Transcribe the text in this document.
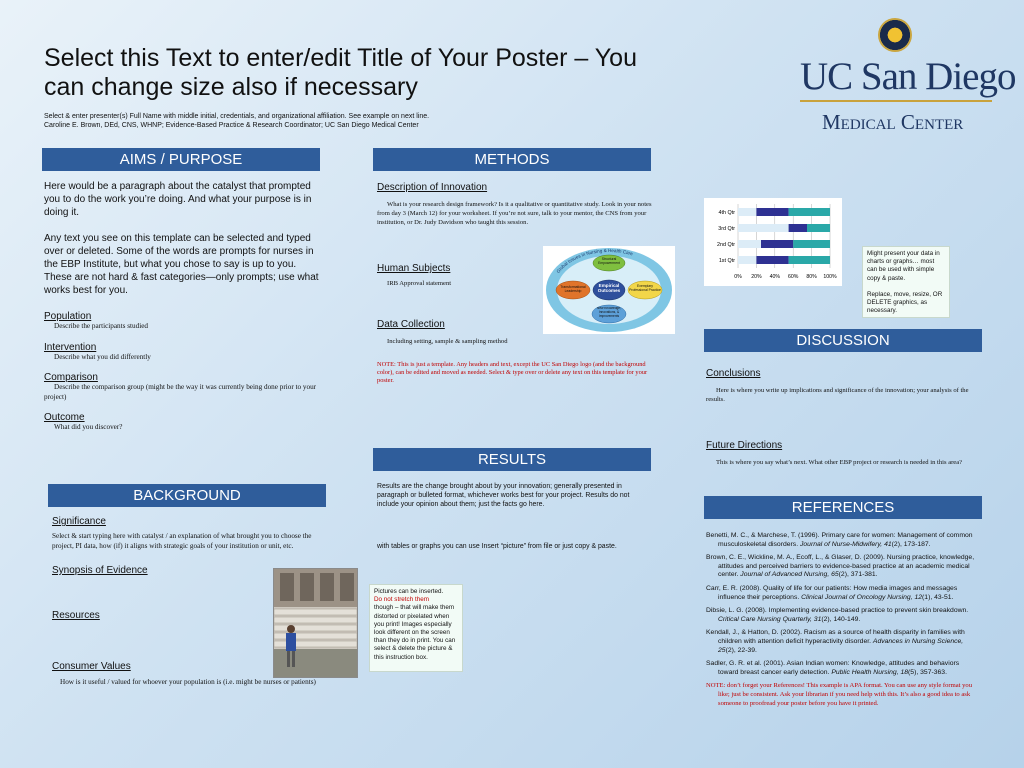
Select this Text to enter/edit Title of Your Poster – You can change size also if necessary
Select & enter presenter(s) Full Name with middle initial, credentials, and organizational affiliation. See example on next line.
Caroline E. Brown, DEd, CNS, WHNP; Evidence-Based Practice & Research Coordinator; UC San Diego Medical Center
UC San Diego
Medical Center
AIMS / PURPOSE
Here would be a paragraph about the catalyst that prompted you to do the work you’re doing. And what your purpose is in doing it.
Any text you see on this template can be selected and typed over or deleted. Some of the words are prompts for nurses in the EBP Institute, but what you chose to say is up to you. These are not hard & fast categories—only prompts; use what works best for you.
Population
Describe the participants studied
Intervention
Describe what you did differently
Comparison
Describe the comparison group (might be the way it was currently being done prior to your project)
Outcome
What did you discover?
BACKGROUND
Significance
Select & start typing here with catalyst / an explanation of what brought you to choose the project, PI data, how (if) it aligns with strategic goals of your institution or unit, etc.
Synopsis of Evidence
Resources
Consumer Values
How is it useful / valued for whoever your population is (i.e. might be nurses or patients)
METHODS
Description of Innovation
What is your research design framework? Is it a qualitative or quantitative study. Look in your notes from day 3 (March 12) for your worksheet. If you’re not sure, talk to your mentor, the CNS from your institution, or Dr. Judy Davidson who taught this session.
Human Subjects
IRB Approval statement
Data Collection
Including setting, sample & sampling method
NOTE: This is just a template. Any headers and text, except the UC San Diego logo (and the background color), can be edited and moved as needed. Select & type over or delete any text on this template for your poster.
Global Issues in Nursing & Health Care
Structural Empowerment
Transformational Leadership
Exemplary Professional Practice
New Knowledge, Innovations, & Improvements
Empirical Outcomes
RESULTS
Results are the change brought about by your innovation; generally presented in paragraph or bulleted format, whichever works best for your project. Results do not include your opinion about them; just the facts go here.
with tables or graphs you can use Insert “picture” from file or just copy & paste.
Pictures can be inserted.
Do not stretch them
though – that will make them distorted or pixelated when you print! Images especially look different on the screen than they do in print. You can select & delete the picture & this instruction box.
0% 20% 40% 60% 80% 100%
1st Qtr
2nd Qtr
3rd Qtr
4th Qtr
Might present your data in charts or graphs… most can be used with simple copy & paste.

Replace, move, resize, OR DELETE graphics, as necessary.
DISCUSSION
Conclusions
Here is where you write up implications and significance of the innovation; your analysis of the results.
Future Directions
This is where you say what’s next. What other EBP project or research is needed in this area?
REFERENCES
Benetti, M. C., & Marchese, T. (1996). Primary care for women: Management of common musculoskeletal disorders. Journal of Nurse-Midwifery, 41(2), 173-187.
Brown, C. E., Wickline, M. A., Ecoff, L., & Glaser, D. (2009). Nursing practice, knowledge, attitudes and perceived barriers to evidence-based practice at an academic medical center. Journal of Advanced Nursing, 65(2), 371-381.
Carr, E. R. (2008). Quality of life for our patients: How media images and messages influence their perceptions. Clinical Journal of Oncology Nursing, 12(1), 43-51.
Dibsie, L. G. (2008). Implementing evidence-based practice to prevent skin breakdown. Critical Care Nursing Quarterly, 31(2), 140-149.
Kendall, J., & Hatton, D. (2002). Racism as a source of health disparity in families with children with attention deficit hyperactivity disorder. Advances in Nursing Science, 25(2), 22-39.
Sadler, G. R. et al. (2001). Asian Indian women: Knowledge, attitudes and behaviors toward breast cancer early detection. Public Health Nursing, 18(5), 357-363.
NOTE: don’t forget your References! This example is APA format. You can use any style format you like; just be consistent. Ask your librarian if you need help with this. It’s also a good idea to ask someone to proofread your poster before you have it printed.
